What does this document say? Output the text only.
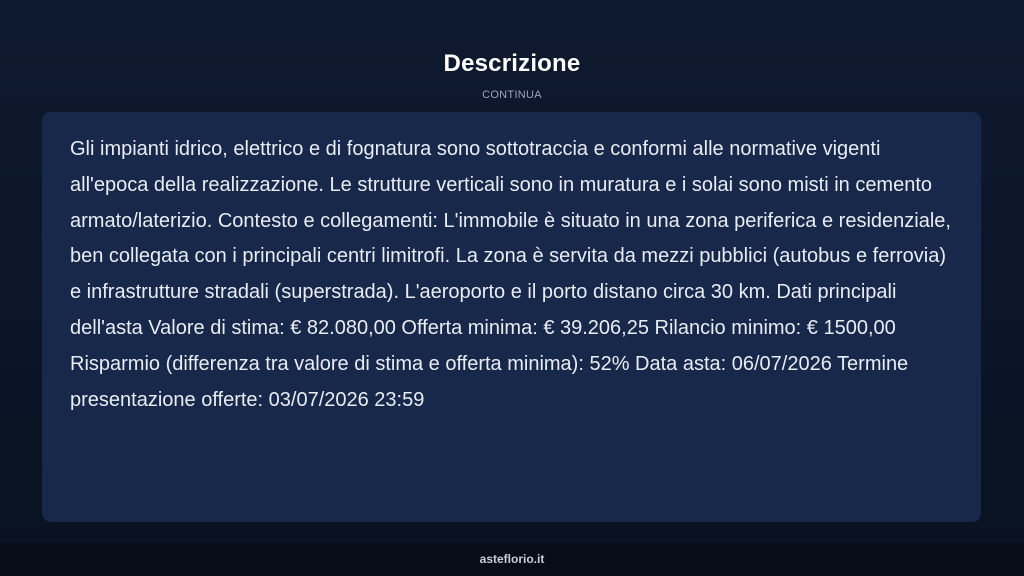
Descrizione
CONTINUA

Gli impianti idrico, elettrico e di fognatura sono sottotraccia e conformi alle normative vigenti all'epoca della realizzazione. Le strutture verticali sono in muratura e i solai sono misti in cemento armato/laterizio. Contesto e collegamenti: L'immobile è situato in una zona periferica e residenziale, ben collegata con i principali centri limitrofi. La zona è servita da mezzi pubblici (autobus e ferrovia) e infrastrutture stradali (superstrada). L'aeroporto e il porto distano circa 30 km. Dati principali dell'asta Valore di stima: € 82.080,00 Offerta minima: € 39.206,25 Rilancio minimo: € 1500,00 Risparmio (differenza tra valore di stima e offerta minima): 52% Data asta: 06/07/2026 Termine presentazione offerte: 03/07/2026 23:59

asteflorio.it
